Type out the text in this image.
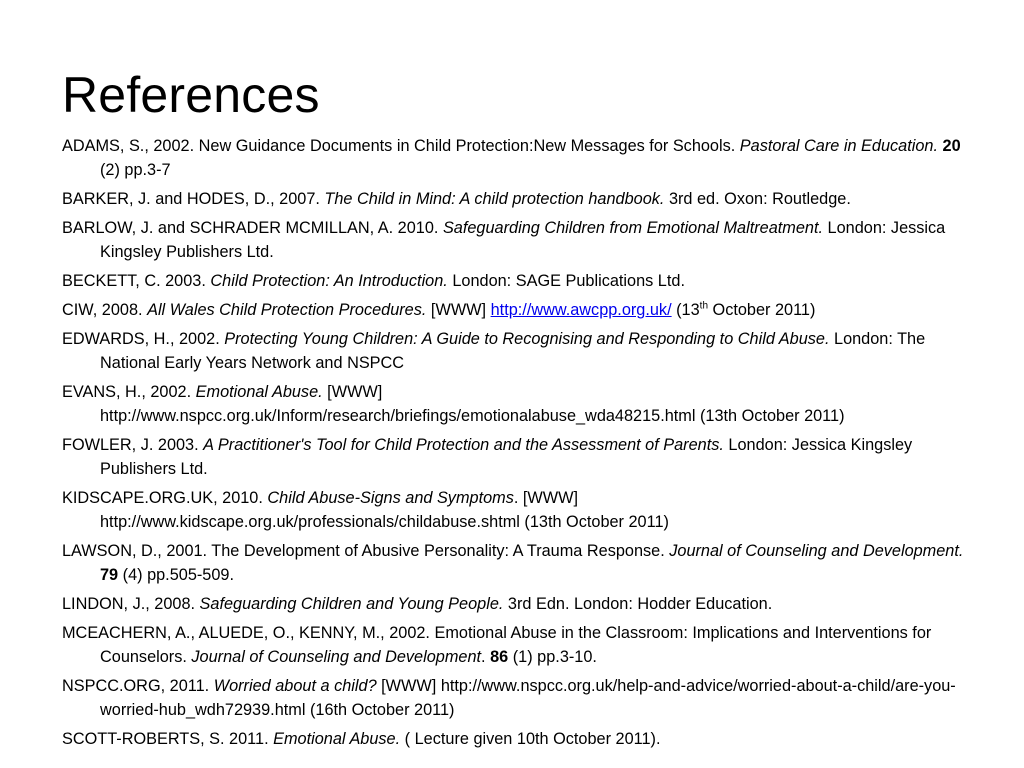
References
ADAMS, S., 2002. New Guidance Documents in Child Protection:New Messages for Schools. Pastoral Care in Education. 20 (2) pp.3-7
BARKER, J. and HODES, D., 2007. The Child in Mind: A child protection handbook. 3rd ed. Oxon: Routledge.
BARLOW, J. and SCHRADER MCMILLAN, A. 2010. Safeguarding Children from Emotional Maltreatment. London: Jessica Kingsley Publishers Ltd.
BECKETT, C. 2003. Child Protection: An Introduction. London: SAGE Publications Ltd.
CIW, 2008. All Wales Child Protection Procedures. [WWW] http://www.awcpp.org.uk/ (13th October 2011)
EDWARDS, H., 2002. Protecting Young Children: A Guide to Recognising and Responding to Child Abuse. London: The National Early Years Network and NSPCC
EVANS, H., 2002. Emotional Abuse. [WWW] http://www.nspcc.org.uk/Inform/research/briefings/emotionalabuse_wda48215.html (13th October 2011)
FOWLER, J. 2003. A Practitioner's Tool for Child Protection and the Assessment of Parents. London: Jessica Kingsley Publishers Ltd.
KIDSCAPE.ORG.UK, 2010. Child Abuse-Signs and Symptoms. [WWW] http://www.kidscape.org.uk/professionals/childabuse.shtml (13th October 2011)
LAWSON, D., 2001. The Development of Abusive Personality: A Trauma Response. Journal of Counseling and Development. 79 (4) pp.505-509.
LINDON, J., 2008. Safeguarding Children and Young People. 3rd Edn. London: Hodder Education.
MCEACHERN, A., ALUEDE, O., KENNY, M., 2002. Emotional Abuse in the Classroom: Implications and Interventions for Counselors. Journal of Counseling and Development. 86 (1) pp.3-10.
NSPCC.ORG, 2011. Worried about a child? [WWW] http://www.nspcc.org.uk/help-and-advice/worried-about-a-child/are-you-worried-hub_wdh72939.html (16th October 2011)
SCOTT-ROBERTS, S. 2011. Emotional Abuse. ( Lecture given 10th October 2011).
